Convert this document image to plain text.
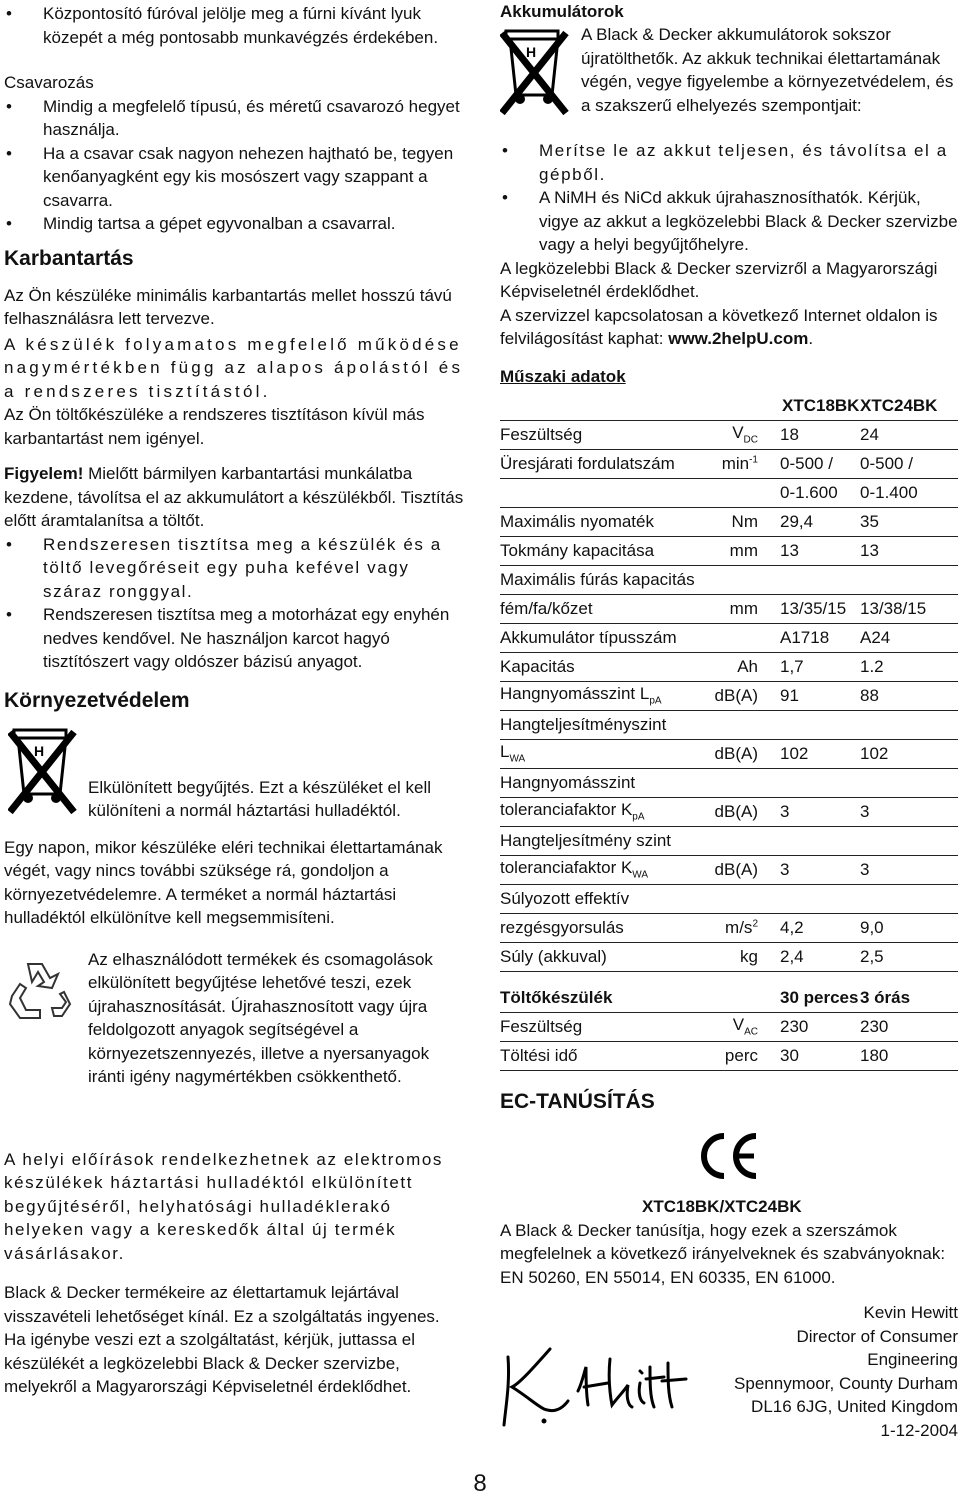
• Központosító fúróval jelölje meg a fúrni kívánt lyuk közepét a még pontosabb munkavégzés érdekében.

Csavarozás

• Mindig a megfelelő típusú, és méretű csavarozó hegyet használja.
• Ha a csavar csak nagyon nehezen hajtható be, tegyen kenőanyagként egy kis mosószert vagy szappant a csavarra.
• Mindig tartsa a gépet egyvonalban a csavarral.
Karbantartás

Az Ön készüléke minimális karbantartás mellet hosszú távú felhasználásra lett tervezve.

A készülék folyamatos megfelelő működése nagymértékben függ az alapos ápolástól és a rendszeres tisztítástól.

Az Ön töltőkészüléke a rendszeres tisztításon kívül más karbantartást nem igényel.

Figyelem! Mielőtt bármilyen karbantartási munkálatba kezdene, távolítsa el az akkumulátort a készülékből. Tisztítás előtt áramtalanítsa a töltőt.

• Rendszeresen tisztítsa meg a készülék és a töltő levegőréseit egy puha kefével vagy száraz ronggyal.
• Rendszeresen tisztítsa meg a motorházat egy enyhén nedves kendővel. Ne használjon karcot hagyó tisztítószert vagy oldószer bázisú anyagot.
Környezetvédelem
H

Elkülönített begyűjtés. Ezt a készüléket el kell különíteni a normál háztartási hulladéktól.

Egy napon, mikor készüléke eléri technikai élettartamának végét, vagy nincs további szüksége rá, gondoljon a környezetvédelemre. A terméket a normál háztartási hulladéktól elkülönítve kell megsemmisíteni.

Az elhasználódott termékek és csomagolások elkülönített begyűjtése lehetővé teszi, ezek újrahasznosítását. Újrahasznosított vagy újra feldolgozott anyagok segítségével a környezetszennyezés, illetve a nyersanyagok iránti igény nagymértékben csökkenthető.

A helyi előírások rendelkezhetnek az elektromos készülékek háztartási hulladéktól elkülönített begyűjtéséről, helyhatósági hulladéklerakó helyeken vagy a kereskedők által új termék vásárlásakor.

Black & Decker termékeire az élettartamuk lejártával visszavételi lehetőséget kínál. Ez a szolgáltatás ingyenes. Ha igénybe veszi ezt a szolgáltatást, kérjük, juttassa el készülékét a legközelebbi Black & Decker szervizbe, melyekről a Magyarországi Képviseletnél érdeklődhet.

Akkumulátorok
H

A Black & Decker akkumulátorok sokszor újratölthetők. Az akkuk technikai élettartamának végén, vegye figyelembe a környezetvédelem, és a szakszerű elhelyezés szempontjait:

• Merítse le az akkut teljesen, és távolítsa el a gépből.
• A NiMH és NiCd akkuk újrahasznosíthatók. Kérjük, vigye az akkut a legközelebbi Black & Decker szervizbe vagy a helyi begyűjtőhelyre.

A legközelebbi Black & Decker szervizről a Magyarországi Képviseletnél érdeklődhet.

A szervizzel kapcsolatosan a következő Internet oldalon is felvilágosítást kaphat: www.2helpU.com.

Műszaki adatok
			XTC18BK	XTC24BK
Feszültség	$V_{DC}$		18	24
Üresjárati fordulatszám	$\min^{-1}$		0-500 /	0-500 /
			0-1.600	0-1.400
Maximális nyomaték	Nm		29,4	35
Tokmány kapacitása	mm		13	13
Maximális fúrás kapacitás				
fém/fa/kőzet	mm		13/35/15	13/38/15
Akkumulátor típusszám			A1718	A24
Kapacitás	Ah		1,7	1.2
Hangnyomásszint $L_{pA}$	dB(A)		91	88
Hangteljesítményszint				
$L_{WA}$	dB(A)		102	102
Hangnyomásszint				
toleranciafaktor $K_{pA}$	dB(A)		3	3
Hangteljesítmény szint				
toleranciafaktor $K_{WA}$	dB(A)		3	3
Súlyozott effektív				
rezgésgyorsulás	$m/s^2$		4,2	9,0
Súly (akkuval)	kg		2,4	2,5
Töltőkészülék			30 perces	3 órás
Feszültség	$V_{AC}$		230	230
Töltési idő	perc		30	180
EC-TANÚSÍTÁS
XTC18BK/XTC24BK

A Black & Decker tanúsítja, hogy ezek a szerszámok megfelelnek a következő irányelveknek és szabványoknak: EN 50260, EN 55014, EN 60335, EN 61000.

Kevin Hewitt

Director of Consumer

Engineering

Spennymoor, County Durham

DL16 6JG, United Kingdom

1-12-2004

8
